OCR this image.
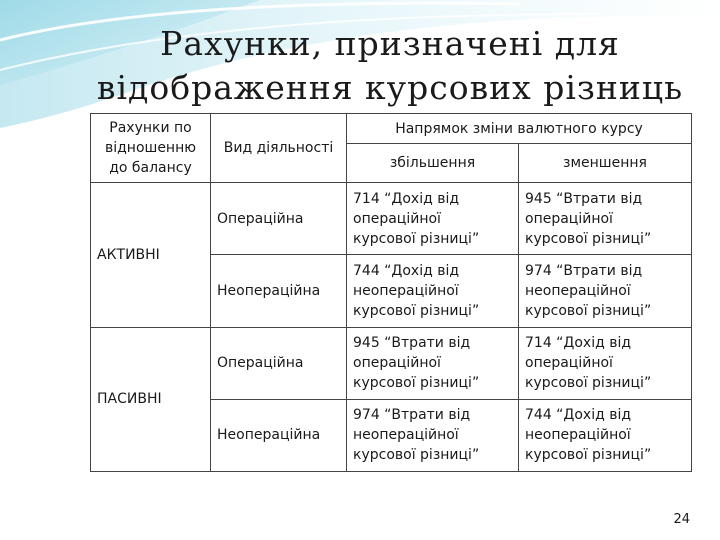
Рахунки, призначені для
відображення курсових різниць
Рахунки по
відношенню
до балансу	Вид діяльності	Напрямок зміни валютного курсу	
		збільшення	зменшення
АКТИВНІ	Операційна	714 “Дохід від
операційної
курсової різниці”	945 “Втрати від
операційної
курсової різниці”

	Неопераційна	744 “Дохід від
неопераційної
курсової різниці”	974 “Втрати від
неопераційної
курсової різниці”

ПАСИВНІ	Операційна	945 “Втрати від
операційної
курсової різниці”	714 “Дохід від
операційної
курсової різниці”

	Неопераційна	974 “Втрати від
неопераційної
курсової різниці”	744 “Дохід від
неопераційної
курсової різниці”
24
